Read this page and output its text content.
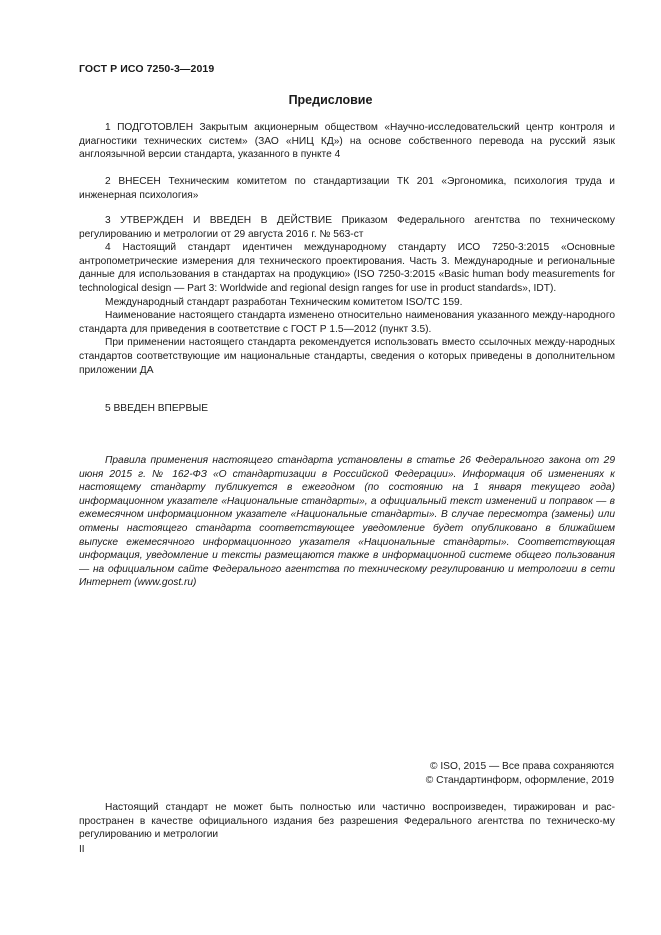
ГОСТ Р ИСО 7250-3—2019
Предисловие

1 ПОДГОТОВЛЕН Закрытым акционерным обществом «Научно-исследовательский центр контроля и диагностики технических систем» (ЗАО «НИЦ КД») на основе собственного перевода на русский язык англоязычной версии стандарта, указанного в пункте 4

2 ВНЕСЕН Техническим комитетом по стандартизации ТК 201 «Эргономика, психология труда и инженерная психология»

3 УТВЕРЖДЕН И ВВЕДЕН В ДЕЙСТВИЕ Приказом Федерального агентства по техническому регулированию и метрологии от 29 августа 2016 г. № 563-ст

4 Настоящий стандарт идентичен международному стандарту ИСО 7250-3:2015 «Основные антропометрические измерения для технического проектирования. Часть 3. Международные и региональные данные для использования в стандартах на продукцию» (ISO 7250-3:2015 «Basic human body measurements for technological design — Part 3: Worldwide and regional design ranges for use in product standards», IDT).

Международный стандарт разработан Техническим комитетом ISO/TC 159.

Наименование настоящего стандарта изменено относительно наименования указанного между-народного стандарта для приведения в соответствие с ГОСТ Р 1.5—2012 (пункт 3.5).

При применении настоящего стандарта рекомендуется использовать вместо ссылочных между-народных стандартов соответствующие им национальные стандарты, сведения о которых приведены в дополнительном приложении ДА

5 ВВЕДЕН ВПЕРВЫЕ

Правила применения настоящего стандарта установлены в статье 26 Федерального закона от 29 июня 2015 г. № 162-ФЗ «О стандартизации в Российской Федерации». Информация об изменениях к настоящему стандарту публикуется в ежегодном (по состоянию на 1 января текущего года) информационном указателе «Национальные стандарты», а официальный текст изменений и поправок — в ежемесячном информационном указателе «Национальные стандарты». В случае пересмотра (замены) или отмены настоящего стандарта соответствующее уведомление будет опубликовано в ближайшем выпуске ежемесячного информационного указателя «Национальные стандарты». Соответствующая информация, уведомление и тексты размещаются также в информационной системе общего пользования — на официальном сайте Федерального агентства по техническому регулированию и метрологии в сети Интернет (www.gost.ru)
© ISO, 2015 — Все права сохраняются
© Стандартинформ, оформление, 2019
Настоящий стандарт не может быть полностью или частично воспроизведен, тиражирован и рас-пространен в качестве официального издания без разрешения Федерального агентства по техническо-му регулированию и метрологии
II
